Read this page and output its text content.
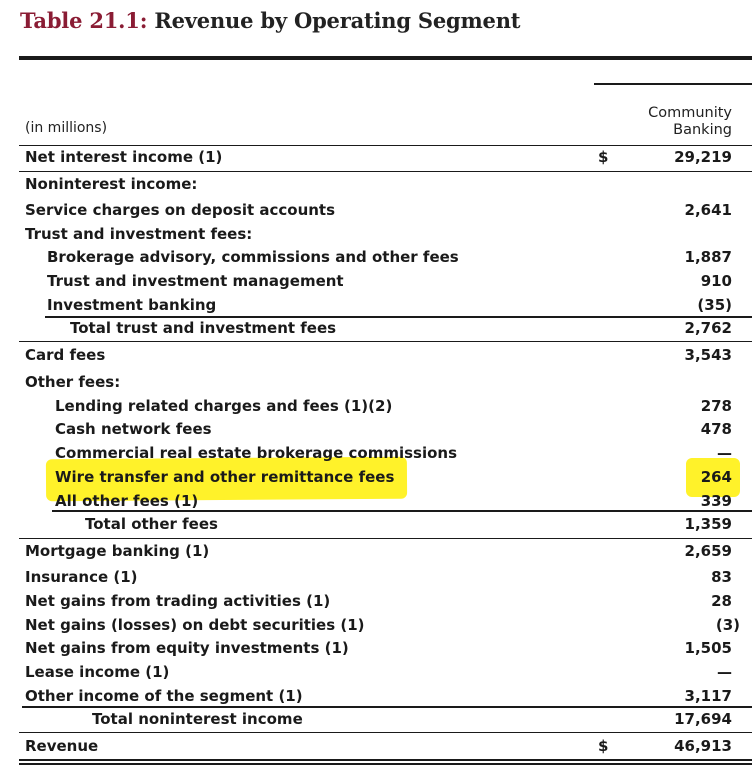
Table 21.1: Revenue by Operating Segment
Community
Banking
(in millions)
Net interest income (1)	$	29,219
Noninterest income:
Service charges on deposit accounts	2,641
Trust and investment fees:
Brokerage advisory, commissions and other fees	1,887
Trust and investment management	910
Investment banking	(35)
Total trust and investment fees	2,762
Card fees	3,543
Other fees:
Lending related charges and fees (1)(2)	278
Cash network fees	478
Commercial real estate brokerage commissions	—
Wire transfer and other remittance fees	264
All other fees (1)	339
Total other fees	1,359
Mortgage banking (1)	2,659
Insurance (1)	83
Net gains from trading activities (1)	28
Net gains (losses) on debt securities (1)	(3)
Net gains from equity investments (1)	1,505
Lease income (1)	—
Other income of the segment (1)	3,117
Total noninterest income	17,694
Revenue	$	46,913
